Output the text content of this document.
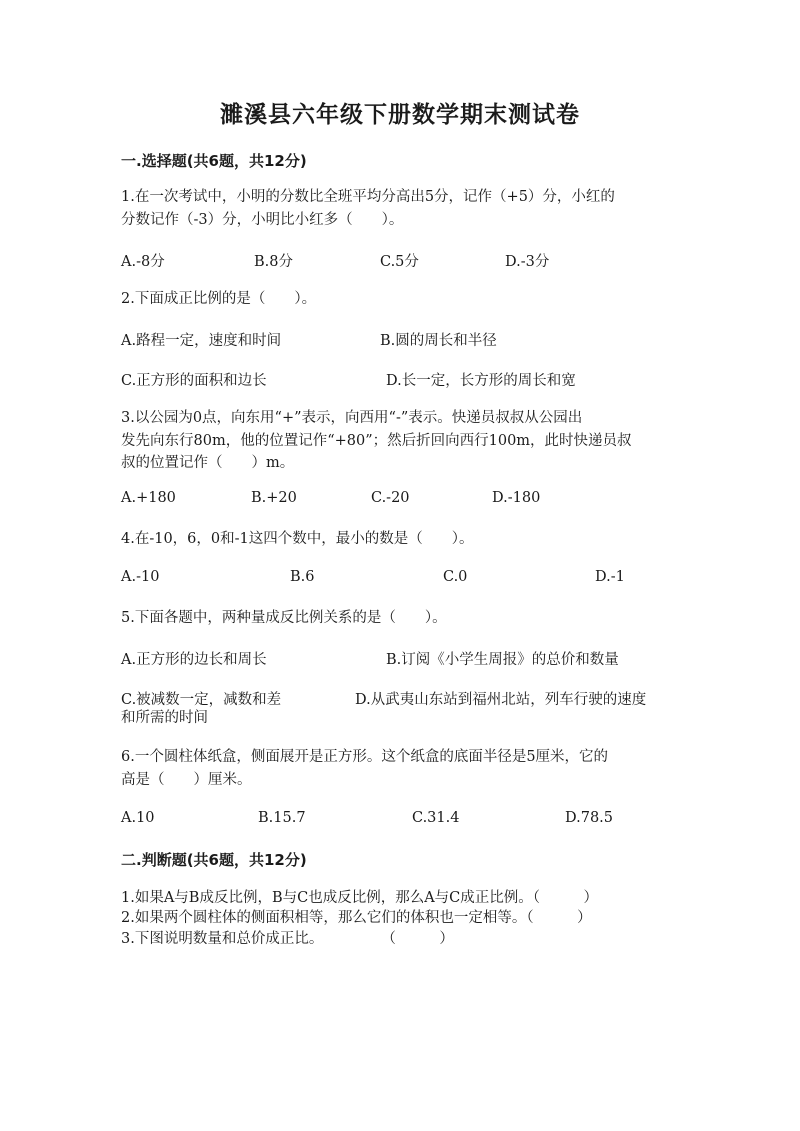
濉溪县六年级下册数学期末测试卷
一.选择题(共6题，共12分)
1.在一次考试中，小明的分数比全班平均分高出5分，记作（+5）分，小红的
分数记作（-3）分，小明比小红多（　　）。
A.-8分	B.8分	C.5分	D.-3分
2.下面成正比例的是（　　）。
A.路程一定，速度和时间	B.圆的周长和半径
C.正方形的面积和边长	D.长一定，长方形的周长和宽
3.以公园为0点，向东用“+”表示，向西用“-”表示。快递员叔叔从公园出
发先向东行80m，他的位置记作“+80”；然后折回向西行100m，此时快递员叔
叔的位置记作（　　）m。
A.+180	B.+20	C.-20	D.-180
4.在-10，6，0和-1这四个数中，最小的数是（　　）。
A.-10	B.6	C.0	D.-1
5.下面各题中，两种量成反比例关系的是（　　）。
A.正方形的边长和周长	B.订阅《小学生周报》的总价和数量
C.被减数一定，减数和差	D.从武夷山东站到福州北站，列车行驶的速度
和所需的时间
6.一个圆柱体纸盒，侧面展开是正方形。这个纸盒的底面半径是5厘米，它的
高是（　　）厘米。
A.10	B.15.7	C.31.4	D.78.5
二.判断题(共6题，共12分)
1.如果A与B成反比例，B与C也成反比例，那么A与C成正比例。（　　　）
2.如果两个圆柱体的侧面积相等，那么它们的体积也一定相等。（　　　）
3.下图说明数量和总价成正比。　　　　　（　　　）
